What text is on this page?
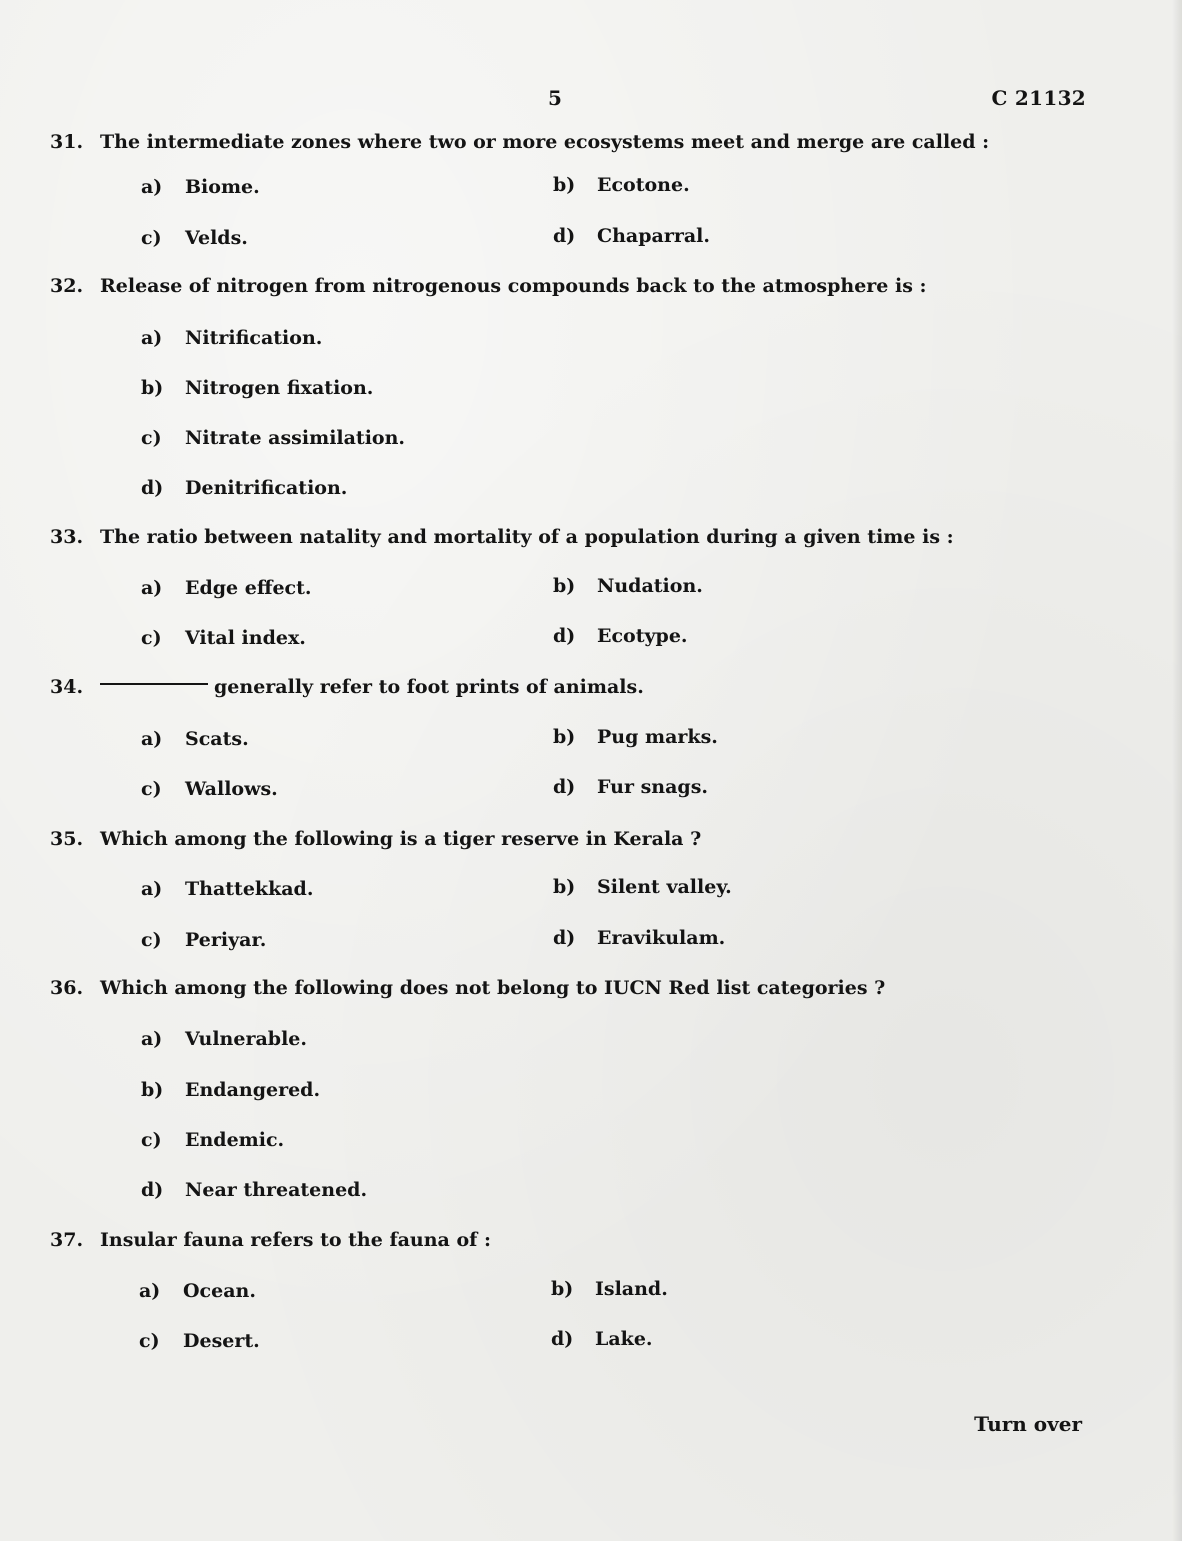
5	C 21132
31. The intermediate zones where two or more ecosystems meet and merge are called :
a) Biome.	b) Ecotone.
c) Velds.	d) Chaparral.
32. Release of nitrogen from nitrogenous compounds back to the atmosphere is :
a) Nitrification.
b) Nitrogen fixation.
c) Nitrate assimilation.
d) Denitrification.
33. The ratio between natality and mortality of a population during a given time is :
a) Edge effect.	b) Nudation.
c) Vital index.	d) Ecotype.
34.	generally refer to foot prints of animals.
a) Scats.	b) Pug marks.
c) Wallows.	d) Fur snags.
35. Which among the following is a tiger reserve in Kerala ?
a) Thattekkad.	b) Silent valley.
c) Periyar.	d) Eravikulam.
36. Which among the following does not belong to IUCN Red list categories ?
a) Vulnerable.
b) Endangered.
c) Endemic.
d) Near threatened.
37. Insular fauna refers to the fauna of :
a) Ocean.	b) Island.
c) Desert.	d) Lake.
Turn over
